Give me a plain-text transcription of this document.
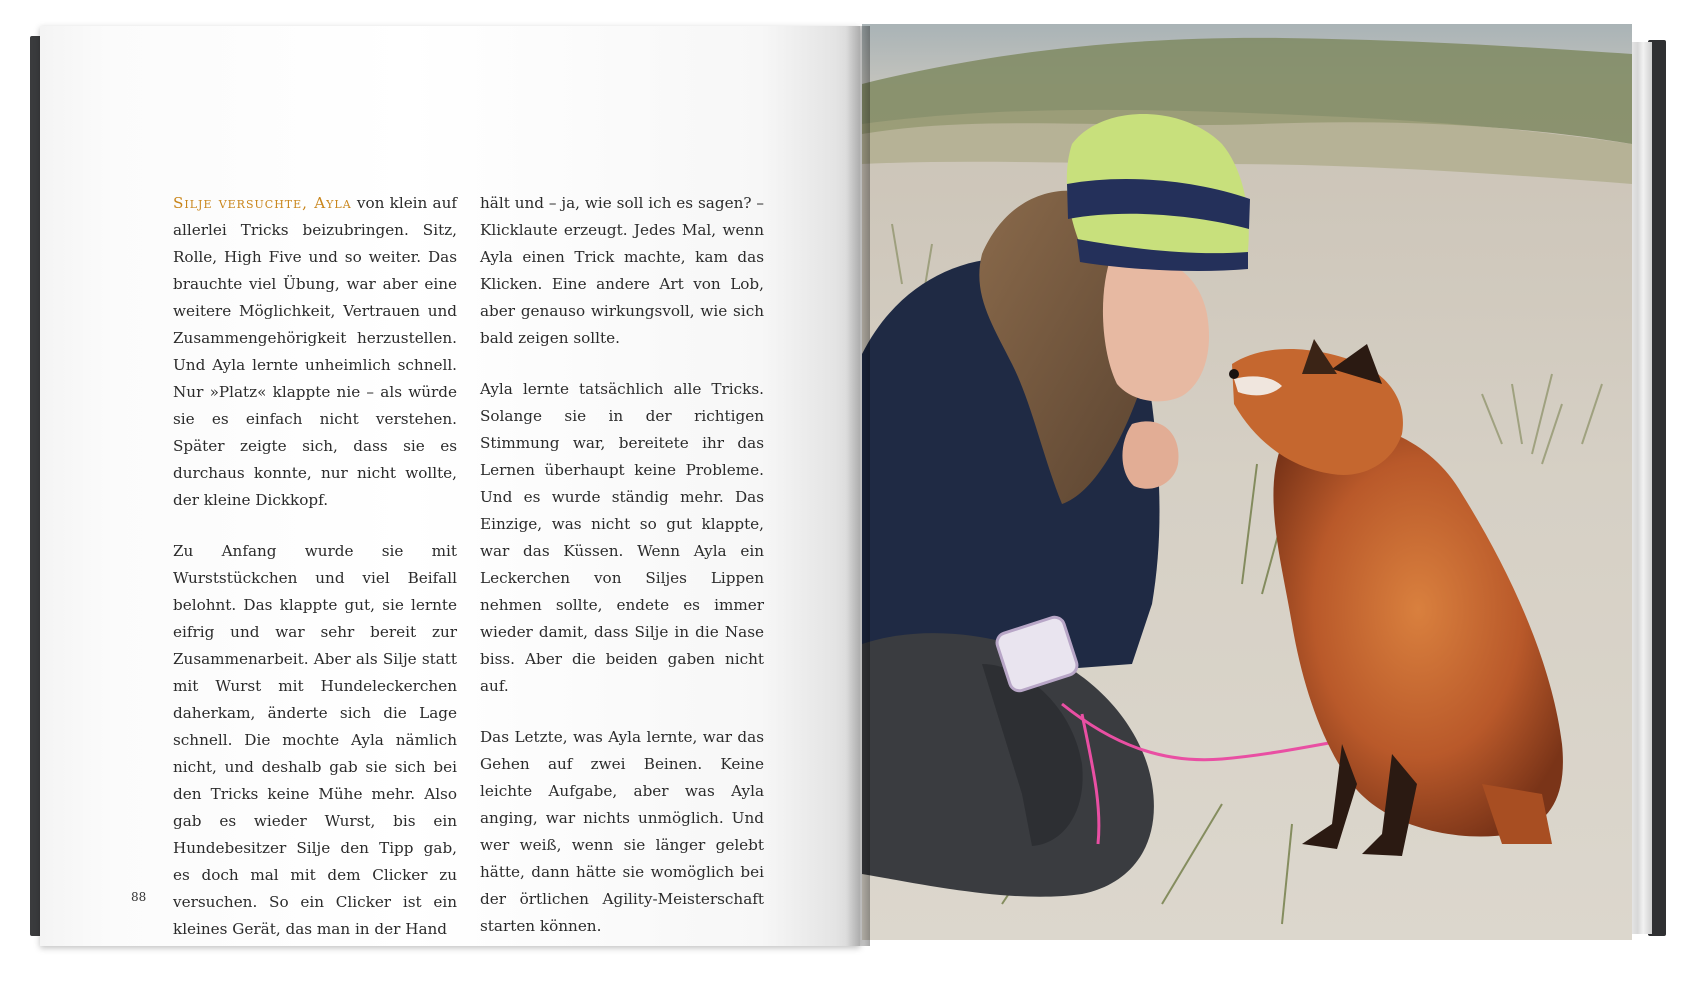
Silje versuchte, Ayla von klein auf allerlei Tricks beizubringen. Sitz, Rolle, High Five und so weiter. Das brauchte viel Übung, war aber eine weitere Möglichkeit, Vertrauen und Zusammengehörigkeit herzustellen. Und Ayla lernte unheimlich schnell. Nur »Platz« klappte nie – als würde sie es einfach nicht verstehen. Später zeigte sich, dass sie es durchaus konnte, nur nicht wollte, der kleine Dickkopf.

Zu Anfang wurde sie mit Wurststückchen und viel Beifall belohnt. Das klappte gut, sie lernte eifrig und war sehr bereit zur Zusammenarbeit. Aber als Silje statt mit Wurst mit Hundeleckerchen daherkam, änderte sich die Lage schnell. Die mochte Ayla nämlich nicht, und deshalb gab sie sich bei den Tricks keine Mühe mehr. Also gab es wieder Wurst, bis ein Hundebesitzer Silje den Tipp gab, es doch mal mit dem Clicker zu versuchen. So ein Clicker ist ein kleines Gerät, das man in der Hand

hält und – ja, wie soll ich es sagen? – Klicklaute erzeugt. Jedes Mal, wenn Ayla einen Trick machte, kam das Klicken. Eine andere Art von Lob, aber genauso wirkungsvoll, wie sich bald zeigen sollte.

Ayla lernte tatsächlich alle Tricks. Solange sie in der richtigen Stimmung war, bereitete ihr das Lernen überhaupt keine Probleme. Und es wurde ständig mehr. Das Einzige, was nicht so gut klappte, war das Küssen. Wenn Ayla ein Leckerchen von Siljes Lippen nehmen sollte, endete es immer wieder damit, dass Silje in die Nase biss. Aber die beiden gaben nicht auf.

Das Letzte, was Ayla lernte, war das Gehen auf zwei Beinen. Keine leichte Aufgabe, aber was Ayla anging, war nichts unmöglich. Und wer weiß, wenn sie länger gelebt hätte, dann hätte sie womöglich bei der örtlichen Agility-Meisterschaft starten können.

88
